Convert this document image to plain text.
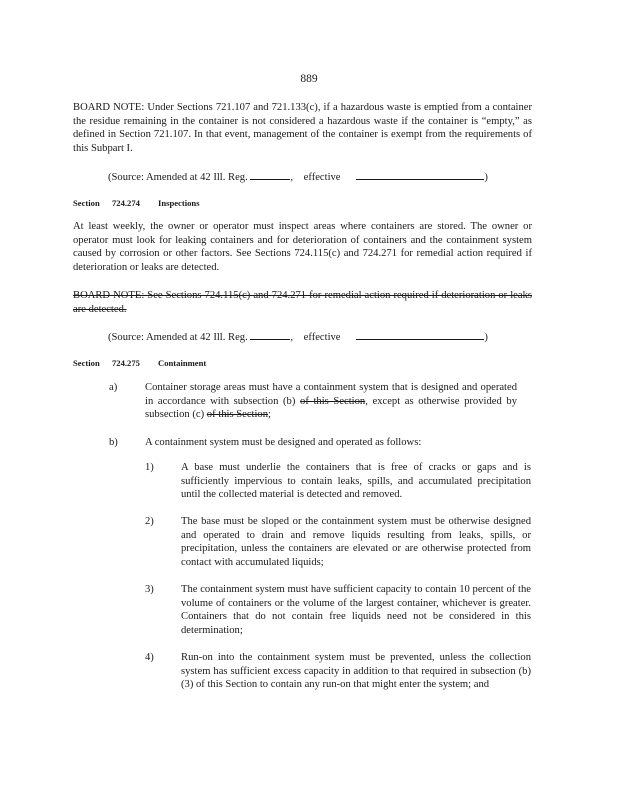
889
BOARD NOTE: Under Sections 721.107 and 721.133(c), if a hazardous waste is emptied from a container the residue remaining in the container is not considered a hazardous waste if the container is “empty,” as defined in Section 721.107. In that event, management of the container is exempt from the requirements of this Subpart I.
(Source: Amended at 42 Ill. Reg.	, effective	)
Section 724.274 Inspections
At least weekly, the owner or operator must inspect areas where containers are stored. The owner or operator must look for leaking containers and for deterioration of containers and the containment system caused by corrosion or other factors. See Sections 724.115(c) and 724.271 for remedial action required if deterioration or leaks are detected.
BOARD NOTE: See Sections 724.115(c) and 724.271 for remedial action required if deterioration or leaks are detected.
(Source: Amended at 42 Ill. Reg.	, effective	)
Section 724.275 Containment
a)	Container storage areas must have a containment system that is designed and operated in accordance with subsection (b) of this Section, except as otherwise provided by subsection (c) of this Section;
b)	A containment system must be designed and operated as follows:
1)	A base must underlie the containers that is free of cracks or gaps and is sufficiently impervious to contain leaks, spills, and accumulated precipitation until the collected material is detected and removed.
2)	The base must be sloped or the containment system must be otherwise designed and operated to drain and remove liquids resulting from leaks, spills, or precipitation, unless the containers are elevated or are otherwise protected from contact with accumulated liquids;
3)	The containment system must have sufficient capacity to contain 10 percent of the volume of containers or the volume of the largest container, whichever is greater. Containers that do not contain free liquids need not be considered in this determination;
4)	Run-on into the containment system must be prevented, unless the collection system has sufficient excess capacity in addition to that required in subsection (b)(3) of this Section to contain any run-on that might enter the system; and
